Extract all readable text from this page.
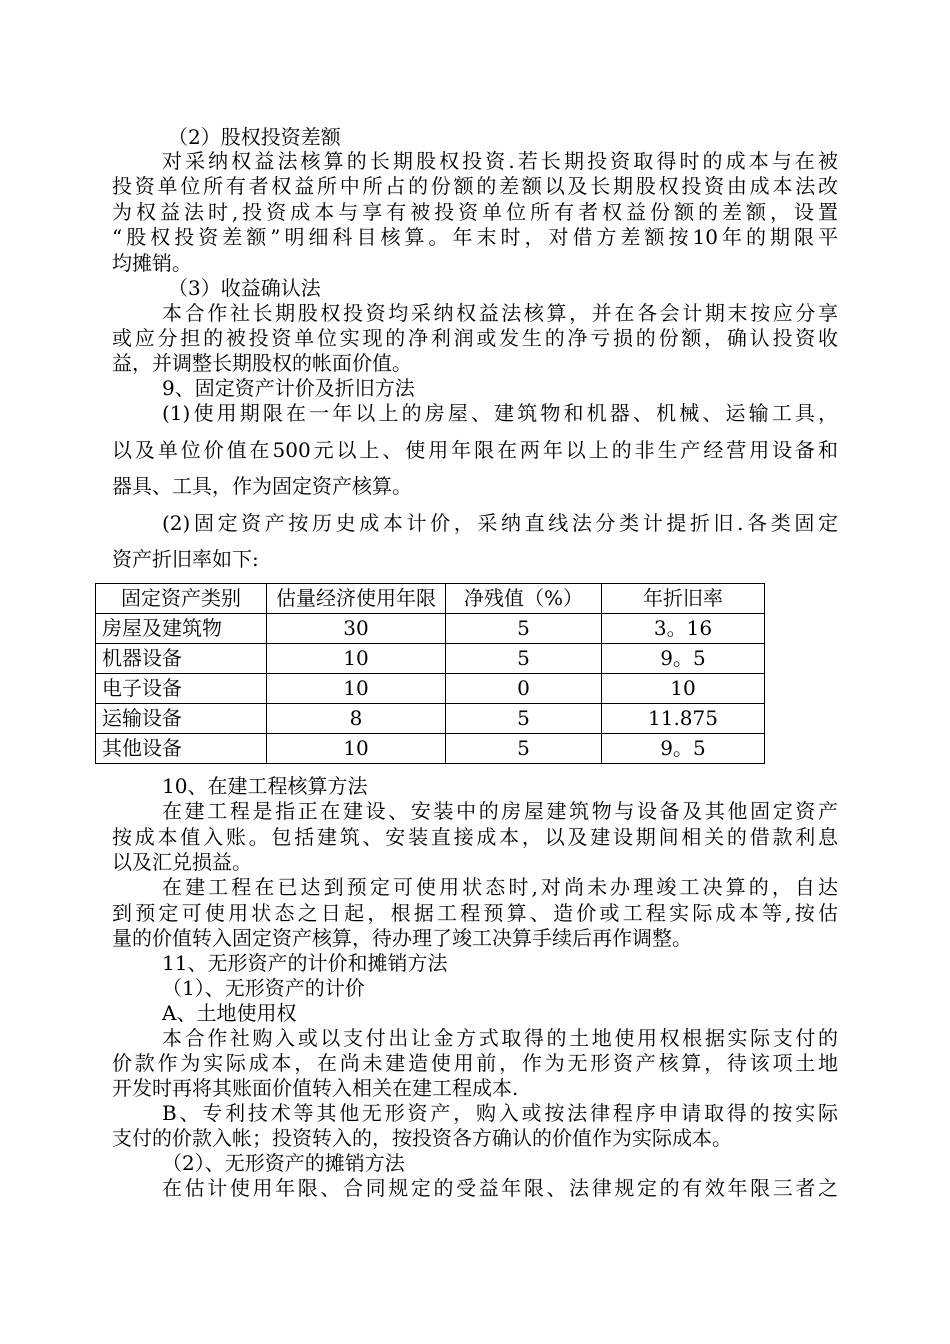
（2）股权投资差额
对采纳权益法核算的长期股权投资.若长期投资取得时的成本与在被
投资单位所有者权益所中所占的份额的差额以及长期股权投资由成本法改
为权益法时,投资成本与享有被投资单位所有者权益份额的差额，设置
“股权投资差额”明细科目核算。年末时，对借方差额按10年的期限平
均摊销。
（3）收益确认法
本合作社长期股权投资均采纳权益法核算，并在各会计期末按应分享
或应分担的被投资单位实现的净利润或发生的净亏损的份额，确认投资收
益，并调整长期股权的帐面价值。
9、固定资产计价及折旧方法
(1)使用期限在一年以上的房屋、建筑物和机器、机械、运输工具，
以及单位价值在500元以上、使用年限在两年以上的非生产经营用设备和
器具、工具，作为固定资产核算。
(2)固定资产按历史成本计价，采纳直线法分类计提折旧.各类固定
资产折旧率如下:
固定资产类别	估量经济使用年限	净残值（%）	年折旧率
房屋及建筑物	30	5	3。16
机器设备	10	5	9。5
电子设备	10	0	10
运输设备	8	5	11.875
其他设备	10	5	9。5
10、在建工程核算方法
在建工程是指正在建设、安装中的房屋建筑物与设备及其他固定资产
按成本值入账。包括建筑、安装直接成本，以及建设期间相关的借款利息
以及汇兑损益。
在建工程在已达到预定可使用状态时,对尚未办理竣工决算的，自达
到预定可使用状态之日起，根据工程预算、造价或工程实际成本等,按估
量的价值转入固定资产核算，待办理了竣工决算手续后再作调整。
11、无形资产的计价和摊销方法
（1）、无形资产的计价
A、土地使用权
本合作社购入或以支付出让金方式取得的土地使用权根据实际支付的
价款作为实际成本，在尚未建造使用前，作为无形资产核算，待该项土地
开发时再将其账面价值转入相关在建工程成本.
B、专利技术等其他无形资产，购入或按法律程序申请取得的按实际
支付的价款入帐；投资转入的，按投资各方确认的价值作为实际成本。
（2）、无形资产的摊销方法
在估计使用年限、合同规定的受益年限、法律规定的有效年限三者之
